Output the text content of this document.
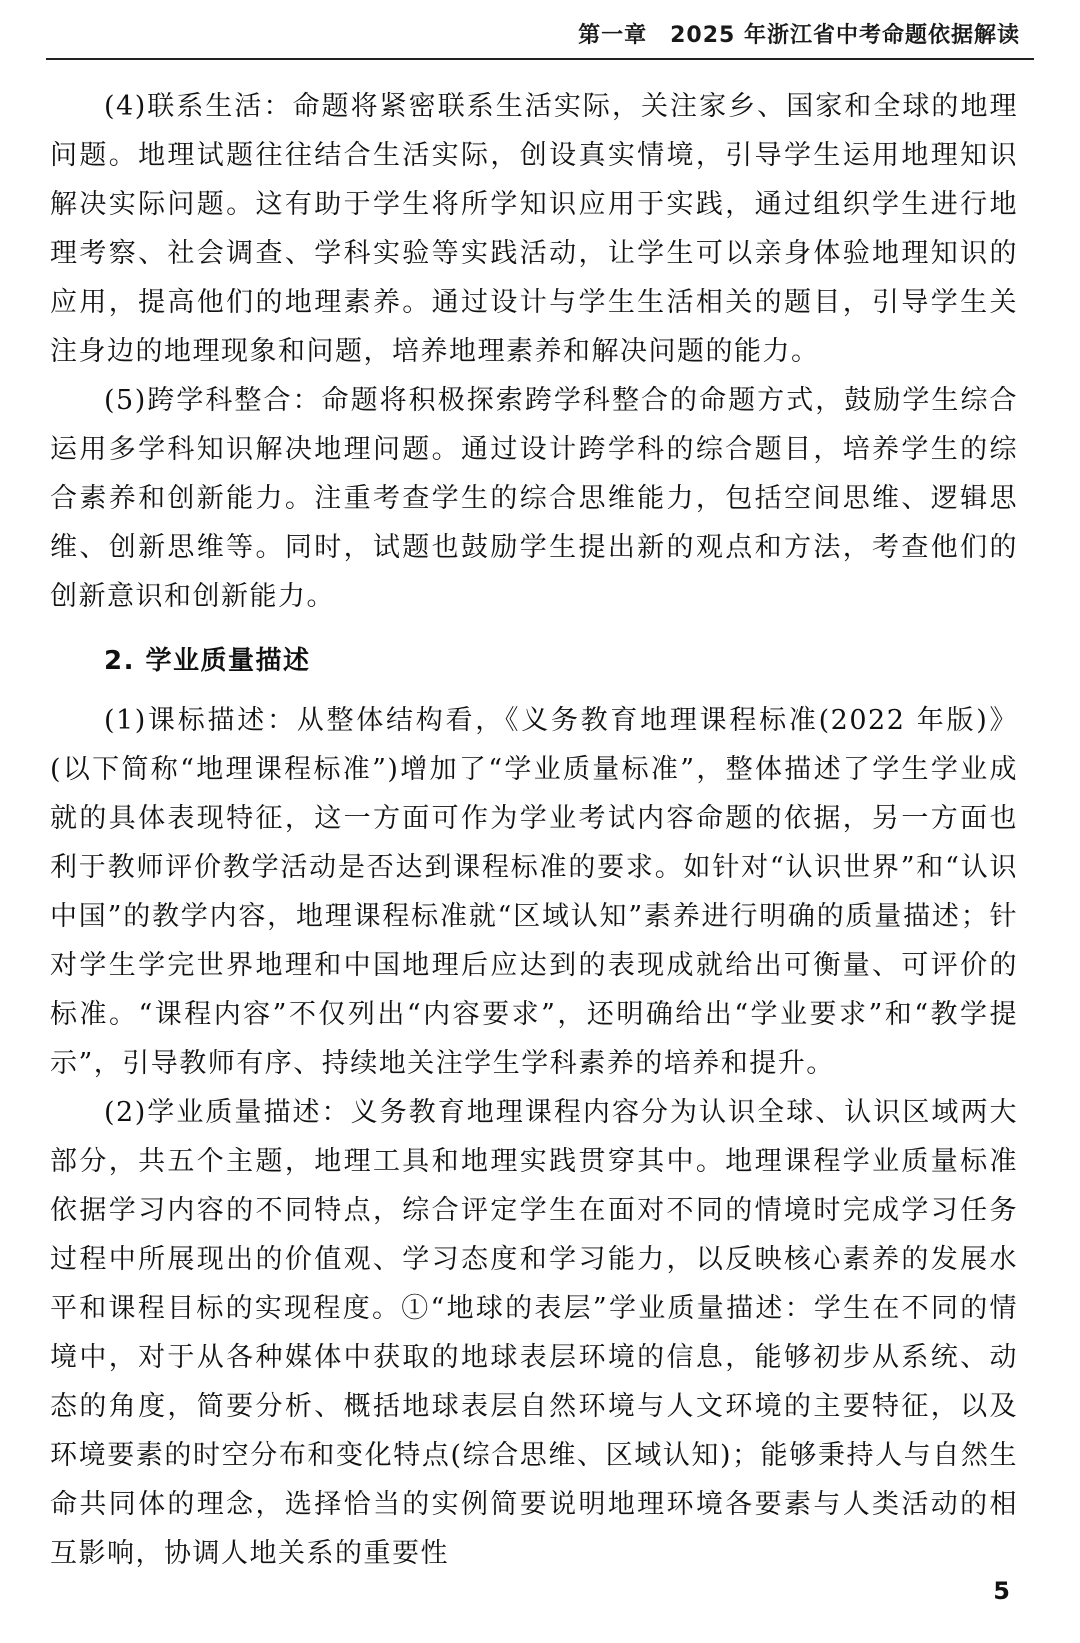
第一章　2025 年浙江省中考命题依据解读

(4)联系生活：命题将紧密联系生活实际，关注家乡、国家和全球的地理问题。地理试题往往结合生活实际，创设真实情境，引导学生运用地理知识解决实际问题。这有助于学生将所学知识应用于实践，通过组织学生进行地理考察、社会调查、学科实验等实践活动，让学生可以亲身体验地理知识的应用，提高他们的地理素养。通过设计与学生生活相关的题目，引导学生关注身边的地理现象和问题，培养地理素养和解决问题的能力。

(5)跨学科整合：命题将积极探索跨学科整合的命题方式，鼓励学生综合运用多学科知识解决地理问题。通过设计跨学科的综合题目，培养学生的综合素养和创新能力。注重考查学生的综合思维能力，包括空间思维、逻辑思维、创新思维等。同时，试题也鼓励学生提出新的观点和方法，考查他们的创新意识和创新能力。

2. 学业质量描述

(1)课标描述：从整体结构看，《义务教育地理课程标准(2022 年版)》(以下简称“地理课程标准”)增加了“学业质量标准”，整体描述了学生学业成就的具体表现特征，这一方面可作为学业考试内容命题的依据，另一方面也利于教师评价教学活动是否达到课程标准的要求。如针对“认识世界”和“认识中国”的教学内容，地理课程标准就“区域认知”素养进行明确的质量描述；针对学生学完世界地理和中国地理后应达到的表现成就给出可衡量、可评价的标准。“课程内容”不仅列出“内容要求”，还明确给出“学业要求”和“教学提示”，引导教师有序、持续地关注学生学科素养的培养和提升。

(2)学业质量描述：义务教育地理课程内容分为认识全球、认识区域两大部分，共五个主题，地理工具和地理实践贯穿其中。地理课程学业质量标准依据学习内容的不同特点，综合评定学生在面对不同的情境时完成学习任务过程中所展现出的价值观、学习态度和学习能力，以反映核心素养的发展水平和课程目标的实现程度。①“地球的表层”学业质量描述：学生在不同的情境中，对于从各种媒体中获取的地球表层环境的信息，能够初步从系统、动态的角度，简要分析、概括地球表层自然环境与人文环境的主要特征，以及环境要素的时空分布和变化特点(综合思维、区域认知)；能够秉持人与自然生命共同体的理念，选择恰当的实例简要说明地理环境各要素与人类活动的相互影响，协调人地关系的重要性

5
